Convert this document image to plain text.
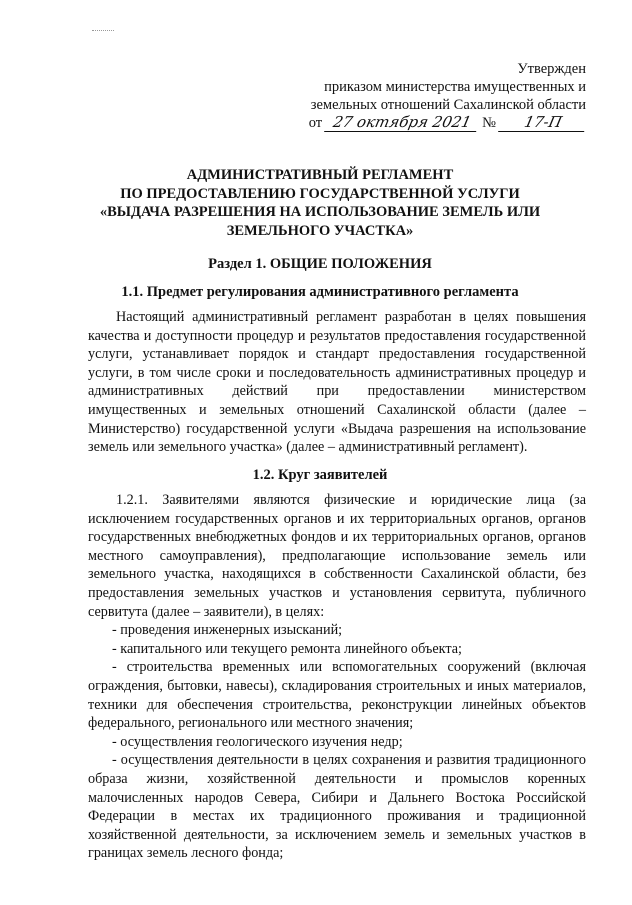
Утвержден
приказом министерства имущественных и
земельных отношений Сахалинской области
от 27 октября 2021 №	17-П
АДМИНИСТРАТИВНЫЙ РЕГЛАМЕНТ
ПО ПРЕДОСТАВЛЕНИЮ ГОСУДАРСТВЕННОЙ УСЛУГИ
«ВЫДАЧА РАЗРЕШЕНИЯ НА ИСПОЛЬЗОВАНИЕ ЗЕМЕЛЬ ИЛИ
ЗЕМЕЛЬНОГО УЧАСТКА»
Раздел 1. ОБЩИЕ ПОЛОЖЕНИЯ
1.1. Предмет регулирования административного регламента

Настоящий административный регламент разработан в целях повышения качества и доступности процедур и результатов предоставления государственной услуги, устанавливает порядок и стандарт предоставления государственной услуги, в том числе сроки и последовательность административных процедур и административных действий при предоставлении министерством имущественных и земельных отношений Сахалинской области (далее – Министерство) государственной услуги «Выдача разрешения на использование земель или земельного участка» (далее – административный регламент).

1.2. Круг заявителей

1.2.1. Заявителями являются физические и юридические лица (за исключением государственных органов и их территориальных органов, органов государственных внебюджетных фондов и их территориальных органов, органов местного самоуправления), предполагающие использование земель или земельного участка, находящихся в собственности Сахалинской области, без предоставления земельных участков и установления сервитута, публичного сервитута (далее – заявители), в целях:

- проведения инженерных изысканий;

- капитального или текущего ремонта линейного объекта;

- строительства временных или вспомогательных сооружений (включая ограждения, бытовки, навесы), складирования строительных и иных материалов, техники для обеспечения строительства, реконструкции линейных объектов федерального, регионального или местного значения;

- осуществления геологического изучения недр;

- осуществления деятельности в целях сохранения и развития традиционного образа жизни, хозяйственной деятельности и промыслов коренных малочисленных народов Севера, Сибири и Дальнего Востока Российской Федерации в местах их традиционного проживания и традиционной хозяйственной деятельности, за исключением земель и земельных участков в границах земель лесного фонда;
